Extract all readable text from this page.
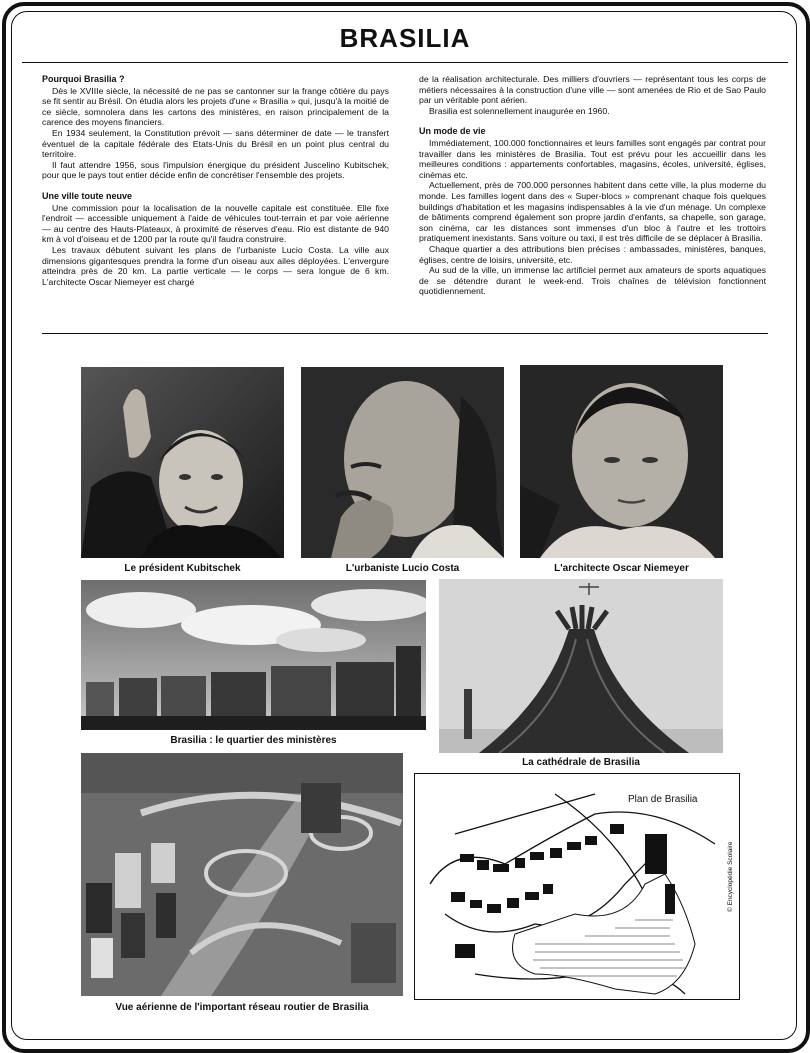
BRASILIA
Pourquoi Brasilia ?

Dès le XVIIIe siècle, la nécessité de ne pas se cantonner sur la frange côtière du pays se fit sentir au Brésil. On étudia alors les projets d'une « Brasilia » qui, jusqu'à la moitié de ce siècle, somnolera dans les cartons des ministères, en raison principalement de la carence des moyens financiers.

En 1934 seulement, la Constitution prévoit — sans déterminer de date — le transfert éventuel de la capitale fédérale des Etats-Unis du Brésil en un point plus central du territoire.

Il faut attendre 1956, sous l'impulsion énergique du président Juscelino Kubitschek, pour que le pays tout entier décide enfin de concrétiser l'ensemble des projets.

Une ville toute neuve

Une commission pour la localisation de la nouvelle capitale est constituée. Elle fixe l'endroit — accessible uniquement à l'aide de véhicules tout-terrain et par voie aérienne — au centre des Hauts-Plateaux, à proximité de réserves d'eau. Rio est distante de 940 km à vol d'oiseau et de 1200 par la route qu'il faudra construire.

Les travaux débutent suivant les plans de l'urbaniste Lucio Costa. La ville aux dimensions gigantesques prendra la forme d'un oiseau aux ailes déployées. L'envergure atteindra près de 20 km. La partie verticale — le corps — sera longue de 6 km. L'architecte Oscar Niemeyer est chargé

de la réalisation architecturale. Des milliers d'ouvriers — représentant tous les corps de métiers nécessaires à la construction d'une ville — sont amenées de Rio et de Sao Paulo par un véritable pont aérien.

Brasilia est solennellement inaugurée en 1960.

Un mode de vie

Immédiatement, 100.000 fonctionnaires et leurs familles sont engagés par contrat pour travailler dans les ministères de Brasilia. Tout est prévu pour les accueillir dans les meilleures conditions : appartements confortables, magasins, écoles, université, églises, cinémas etc.

Actuellement, près de 700.000 personnes habitent dans cette ville, la plus moderne du monde. Les familles logent dans des « Super-blocs » comprenant chaque fois quelques buildings d'habitation et les magasins indispensables à la vie d'un ménage. Un complexe de bâtiments comprend également son propre jardin d'enfants, sa chapelle, son garage, son cinéma, car les distances sont immenses d'un bloc à l'autre et les trottoirs pratiquement inexistants. Sans voiture ou taxi, il est très difficile de se déplacer à Brasilia.

Chaque quartier a des attributions bien précises : ambassades, ministères, banques, églises, centre de loisirs, université, etc.

Au sud de la ville, un immense lac artificiel permet aux amateurs de sports aquatiques de se détendre durant le week-end. Trois chaînes de télévision fonctionnent quotidiennement.

Le président Kubitschek	L'urbaniste Lucio Costa	L'architecte Oscar Niemeyer
Brasilia : le quartier des ministères
La cathédrale de Brasilia
Vue aérienne de l'important réseau routier de Brasilia
Plan de Brasilia
© Encyclopédie Scolaire
